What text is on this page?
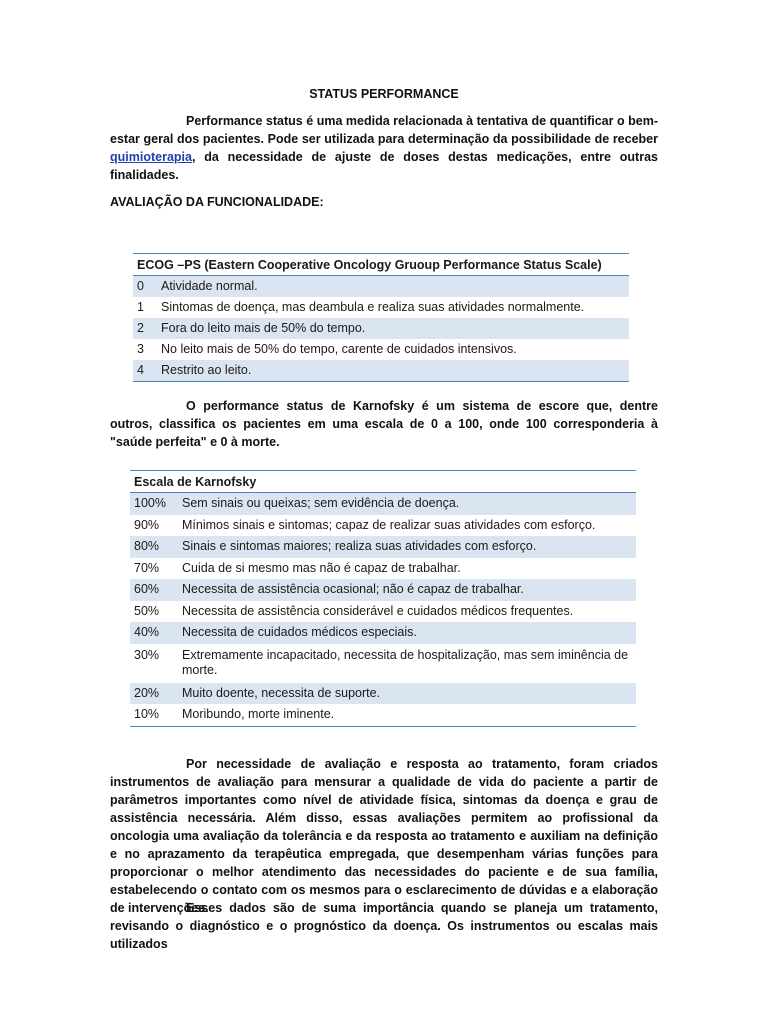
STATUS PERFORMANCE

Performance status é uma medida relacionada à tentativa de quantificar o bem-estar geral dos pacientes. Pode ser utilizada para determinação da possibilidade de receber quimioterapia, da necessidade de ajuste de doses destas medicações, entre outras finalidades.

AVALIAÇÃO DA FUNCIONALIDADE:
ECOG –PS (Eastern Cooperative Oncology Gruoup Performance Status Scale)
0	Atividade normal.
1	Sintomas de doença, mas deambula e realiza suas atividades normalmente.
2	Fora do leito mais de 50% do tempo.
3	No leito mais de 50% do tempo, carente de cuidados intensivos.
4	Restrito ao leito.

O performance status de Karnofsky é um sistema de escore que, dentre outros, classifica os pacientes em uma escala de 0 a 100, onde 100 corresponderia à "saúde perfeita" e 0 à morte.

Escala de Karnofsky
100%	Sem sinais ou queixas; sem evidência de doença.
90%	Mínimos sinais e sintomas; capaz de realizar suas atividades com esforço.
80%	Sinais e sintomas maiores; realiza suas atividades com esforço.
70%	Cuida de si mesmo mas não é capaz de trabalhar.
60%	Necessita de assistência ocasional; não é capaz de trabalhar.
50%	Necessita de assistência considerável e cuidados médicos frequentes.
40%	Necessita de cuidados médicos especiais.
30%	Extremamente incapacitado, necessita de hospitalização, mas sem iminência de morte.
20%	Muito doente, necessita de suporte.
10%	Moribundo, morte iminente.

Por necessidade de avaliação e resposta ao tratamento, foram criados instrumentos de avaliação para mensurar a qualidade de vida do paciente a partir de parâmetros importantes como nível de atividade física, sintomas da doença e grau de assistência necessária. Além disso, essas avaliações permitem ao profissional da oncologia uma avaliação da tolerância e da resposta ao tratamento e auxiliam na definição e no aprazamento da terapêutica empregada, que desempenham várias funções para proporcionar o melhor atendimento das necessidades do paciente e de sua família, estabelecendo o contato com os mesmos para o esclarecimento de dúvidas e a elaboração de intervenções.

Esses dados são de suma importância quando se planeja um tratamento, revisando o diagnóstico e o prognóstico da doença. Os instrumentos ou escalas mais utilizados
